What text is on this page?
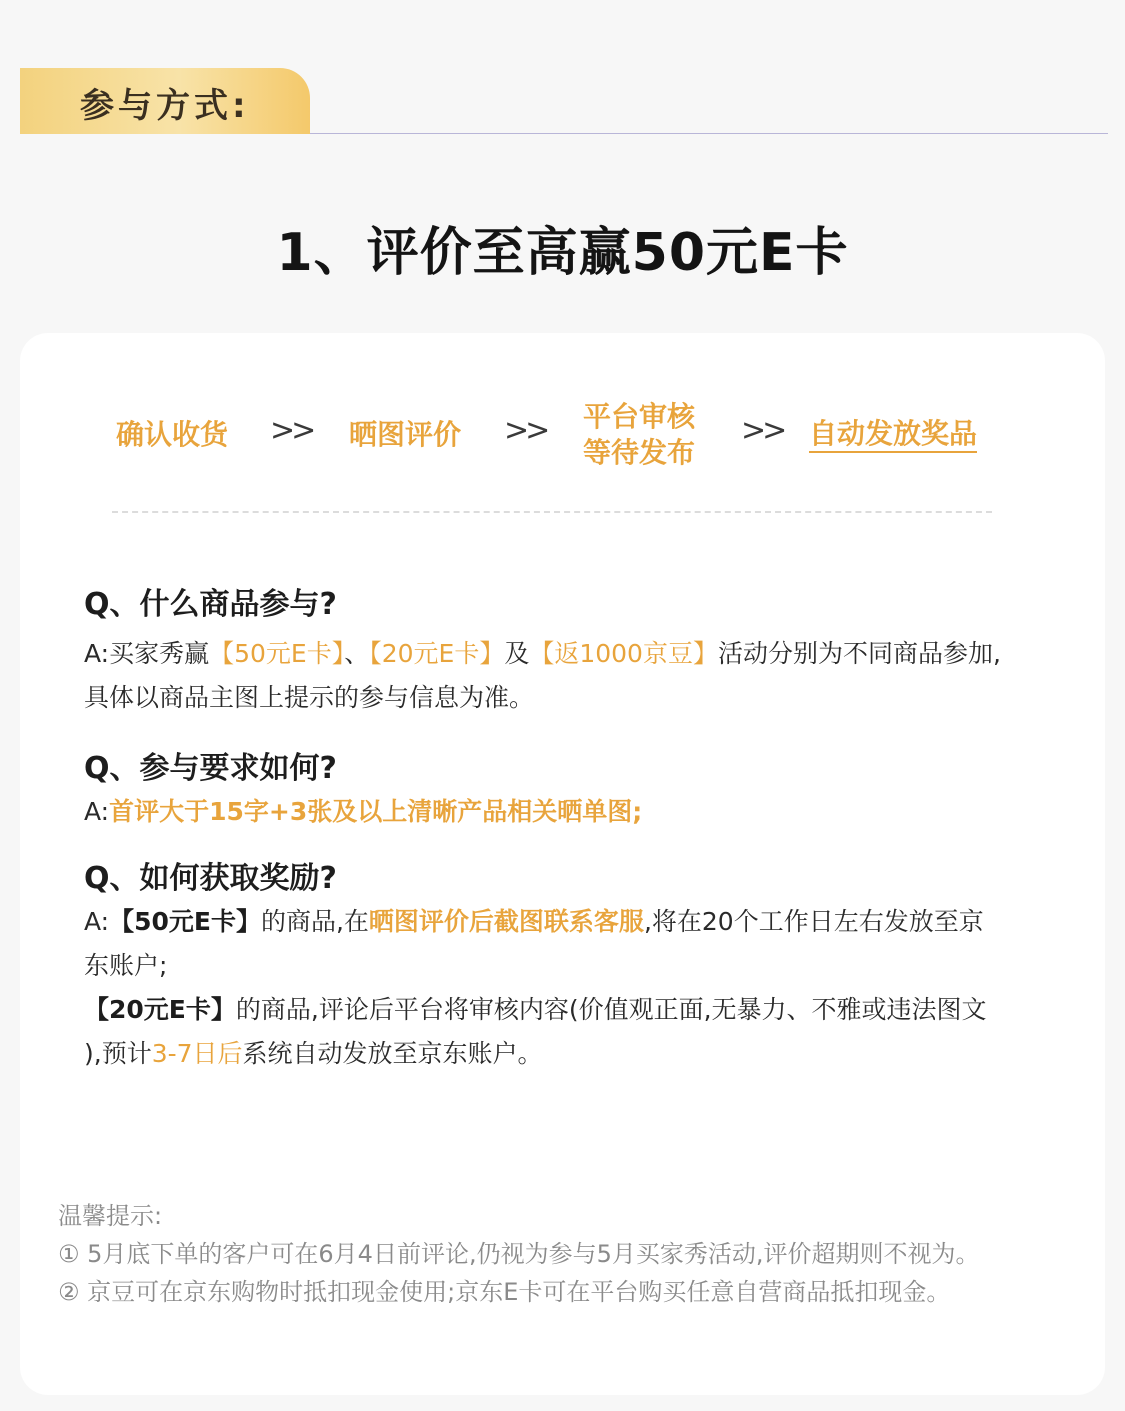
参与方式:
1、评价至高赢50元E卡
确认收货 >> 晒图评价 >> 平台审核
等待发布
>> 自动发放奖品
Q、什么商品参与?
A:买家秀赢【50元E卡】、【20元E卡】及【返1000京豆】活动分别为不同商品参加,
具体以商品主图上提示的参与信息为准。
Q、参与要求如何?
A:首评大于15字+3张及以上清晰产品相关晒单图;
Q、如何获取奖励?
A:【50元E卡】的商品,在晒图评价后截图联系客服,将在20个工作日左右发放至京
东账户;
【20元E卡】的商品,评论后平台将审核内容(价值观正面,无暴力、不雅或违法图文
),预计3-7日后系统自动发放至京东账户。
温馨提示:
① 5月底下单的客户可在6月4日前评论,仍视为参与5月买家秀活动,评价超期则不视为。
② 京豆可在京东购物时抵扣现金使用;京东E卡可在平台购买任意自营商品抵扣现金。
